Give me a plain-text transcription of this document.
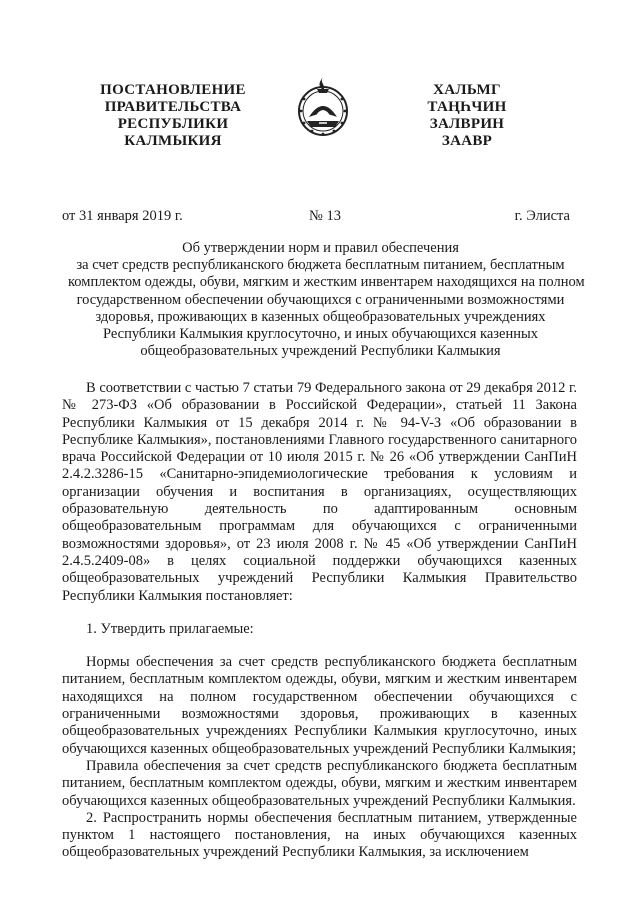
ПОСТАНОВЛЕНИЕ
ПРАВИТЕЛЬСТВА
РЕСПУБЛИКИ
КАЛМЫКИЯ
ХАЛЬМГ
ТАҢҺЧИН
ЗАЛВРИН
ЗААВР
от 31 января 2019 г.	№ 13	г. Элиста
Об утверждении норм и правил обеспечения
за счет средств республиканского бюджета бесплатным питанием, бесплатным
комплектом одежды, обуви, мягким и жестким инвентарем находящихся на полном
государственном обеспечении обучающихся с ограниченными возможностями
здоровья, проживающих в казенных общеобразовательных учреждениях
Республики Калмыкия круглосуточно, и иных обучающихся казенных
общеобразовательных учреждений Республики Калмыкия

В соответствии с частью 7 статьи 79 Федерального закона от 29 декабря 2012 г. № 273-ФЗ «Об образовании в Российской Федерации», статьей 11 Закона Республики Калмыкия от 15 декабря 2014 г. № 94-V-З «Об образовании в Республике Калмыкия», постановлениями Главного государственного санитарного врача Российской Федерации от 10 июля 2015 г. № 26 «Об утверждении СанПиН 2.4.2.3286-15 «Санитарно-эпидемиологические требования к условиям и организации обучения и воспитания в организациях, осуществляющих образовательную деятельность по адаптированным основным общеобразовательным программам для обучающихся с ограниченными возможностями здоровья», от 23 июля 2008 г. № 45 «Об утверждении СанПиН 2.4.5.2409-08» в целях социальной поддержки обучающихся казенных общеобразовательных учреждений Республики Калмыкия Правительство Республики Калмыкия постановляет:

1. Утвердить прилагаемые:

Нормы обеспечения за счет средств республиканского бюджета бесплатным питанием, бесплатным комплектом одежды, обуви, мягким и жестким инвентарем находящихся на полном государственном обеспечении обучающихся с ограниченными возможностями здоровья, проживающих в казенных общеобразовательных учреждениях Республики Калмыкия круглосуточно, иных обучающихся казенных общеобразовательных учреждений Республики Калмыкия;

Правила обеспечения за счет средств республиканского бюджета бесплатным питанием, бесплатным комплектом одежды, обуви, мягким и жестким инвентарем обучающихся казенных общеобразовательных учреждений Республики Калмыкия.

2. Распространить нормы обеспечения бесплатным питанием, утвержденные пунктом 1 настоящего постановления, на иных обучающихся казенных общеобразовательных учреждений Республики Калмыкия, за исключением
